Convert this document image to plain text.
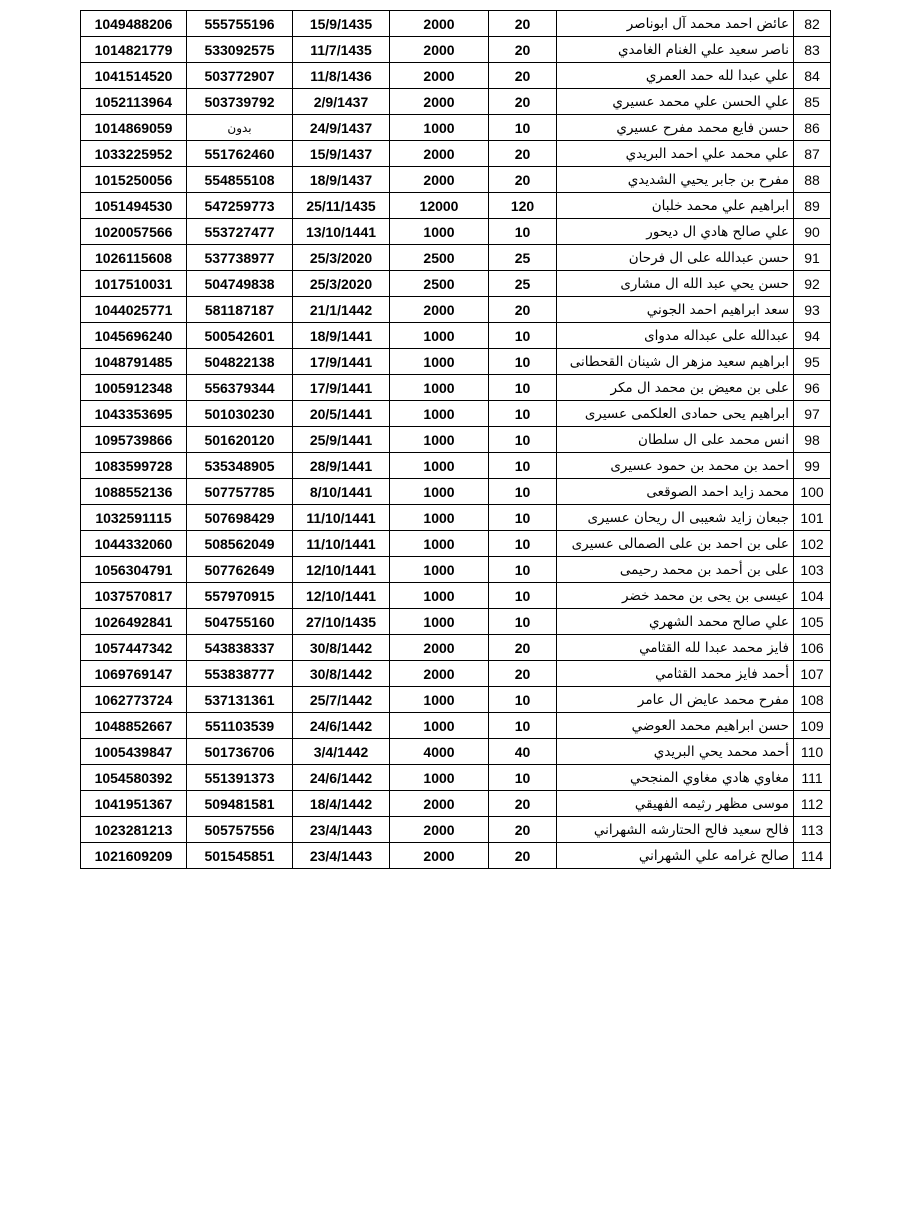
1049488206	555755196	15/9/1435	2000	20	عائض احمد محمد آل ابوناصر	82
1014821779	533092575	11/7/1435	2000	20	ناصر سعيد علي الغنام الغامدي	83
1041514520	503772907	11/8/1436	2000	20	علي عبدا لله حمد العمري	84
1052113964	503739792	2/9/1437	2000	20	علي الحسن علي محمد عسيري	85
1014869059	بدون	24/9/1437	1000	10	حسن فايع محمد مفرح عسيري	86
1033225952	551762460	15/9/1437	2000	20	علي محمد علي احمد البريدي	87
1015250056	554855108	18/9/1437	2000	20	مفرح بن جابر يحيي الشديدي	88
1051494530	547259773	25/11/1435	12000	120	ابراهيم علي محمد خلبان	89
1020057566	553727477	13/10/1441	1000	10	علي صالح هادي ال ديحور	90
1026115608	537738977	25/3/2020	2500	25	حسن عبدالله على ال فرحان	91
1017510031	504749838	25/3/2020	2500	25	حسن يحي عبد الله ال مشارى	92
1044025771	581187187	21/1/1442	2000	20	سعد ابراهيم احمد الجوني	93
1045696240	500542601	18/9/1441	1000	10	عبدالله على عبداله مدواى	94
1048791485	504822138	17/9/1441	1000	10	ابراهيم سعيد مزهر ال شينان القحطانى	95
1005912348	556379344	17/9/1441	1000	10	على بن معيض بن محمد ال مكر	96
1043353695	501030230	20/5/1441	1000	10	ابراهيم يحى حمادى العلكمى عسيرى	97
1095739866	501620120	25/9/1441	1000	10	انس محمد على ال سلطان	98
1083599728	535348905	28/9/1441	1000	10	احمد بن محمد بن حمود عسيرى	99
1088552136	507757785	8/10/1441	1000	10	محمد زايد احمد الصوقعى	100
1032591115	507698429	11/10/1441	1000	10	جبعان زايد شعيبى ال ريحان عسيرى	101
1044332060	508562049	11/10/1441	1000	10	على بن احمد بن على الصمالى عسيرى	102
1056304791	507762649	12/10/1441	1000	10	على بن أحمد بن محمد رحيمى	103
1037570817	557970915	12/10/1441	1000	10	عيسى بن يحى بن محمد خضر	104
1026492841	504755160	27/10/1435	1000	10	علي صالح محمد الشهري	105
1057447342	543838337	30/8/1442	2000	20	فايز محمد عبدا لله القثامي	106
1069769147	553838777	30/8/1442	2000	20	أحمد فايز محمد القثامي	107
1062773724	537131361	25/7/1442	1000	10	مفرح محمد عايض ال عامر	108
1048852667	551103539	24/6/1442	1000	10	حسن ابراهيم محمد العوضي	109
1005439847	501736706	3/4/1442	4000	40	أحمد محمد يحي البريدي	110
1054580392	551391373	24/6/1442	1000	10	مغاوي هادي مغاوي المنجحي	111
1041951367	509481581	18/4/1442	2000	20	موسى مظهر رثيمه الفهيقي	112
1023281213	505757556	23/4/1443	2000	20	فالح سعيد فالح الحتارشه الشهراني	113
1021609209	501545851	23/4/1443	2000	20	صالح غرامه علي الشهراني	114
